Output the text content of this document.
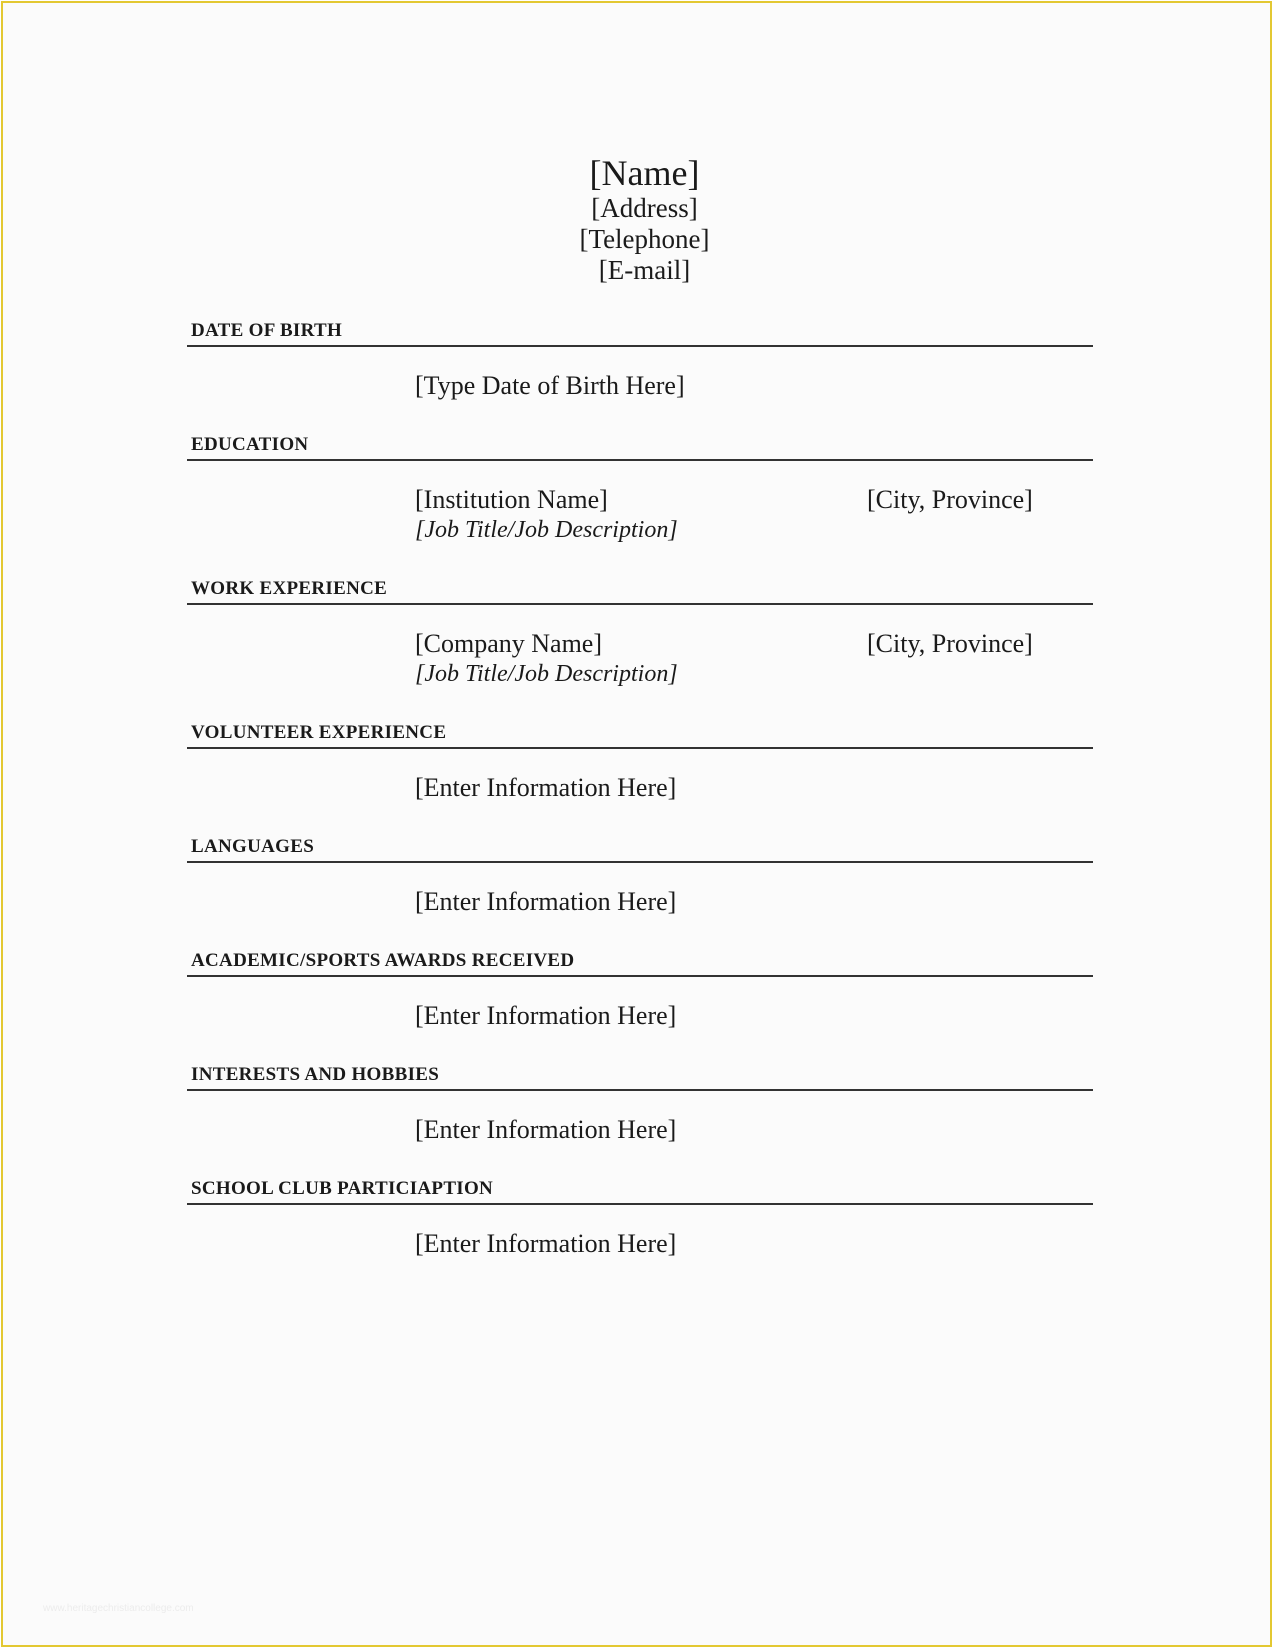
[Name]
[Address]
[Telephone]
[E-mail]
DATE OF BIRTH
[Type Date of Birth Here]
EDUCATION
[Institution Name]
[Job Title/Job Description]
[City, Province]
WORK EXPERIENCE
[Company Name]
[Job Title/Job Description]
[City, Province]
VOLUNTEER EXPERIENCE
[Enter Information Here]
LANGUAGES
[Enter Information Here]
ACADEMIC/SPORTS AWARDS RECEIVED
[Enter Information Here]
INTERESTS AND HOBBIES
[Enter Information Here]
SCHOOL CLUB PARTICIAPTION
[Enter Information Here]
www.heritagechristiancollege.com
